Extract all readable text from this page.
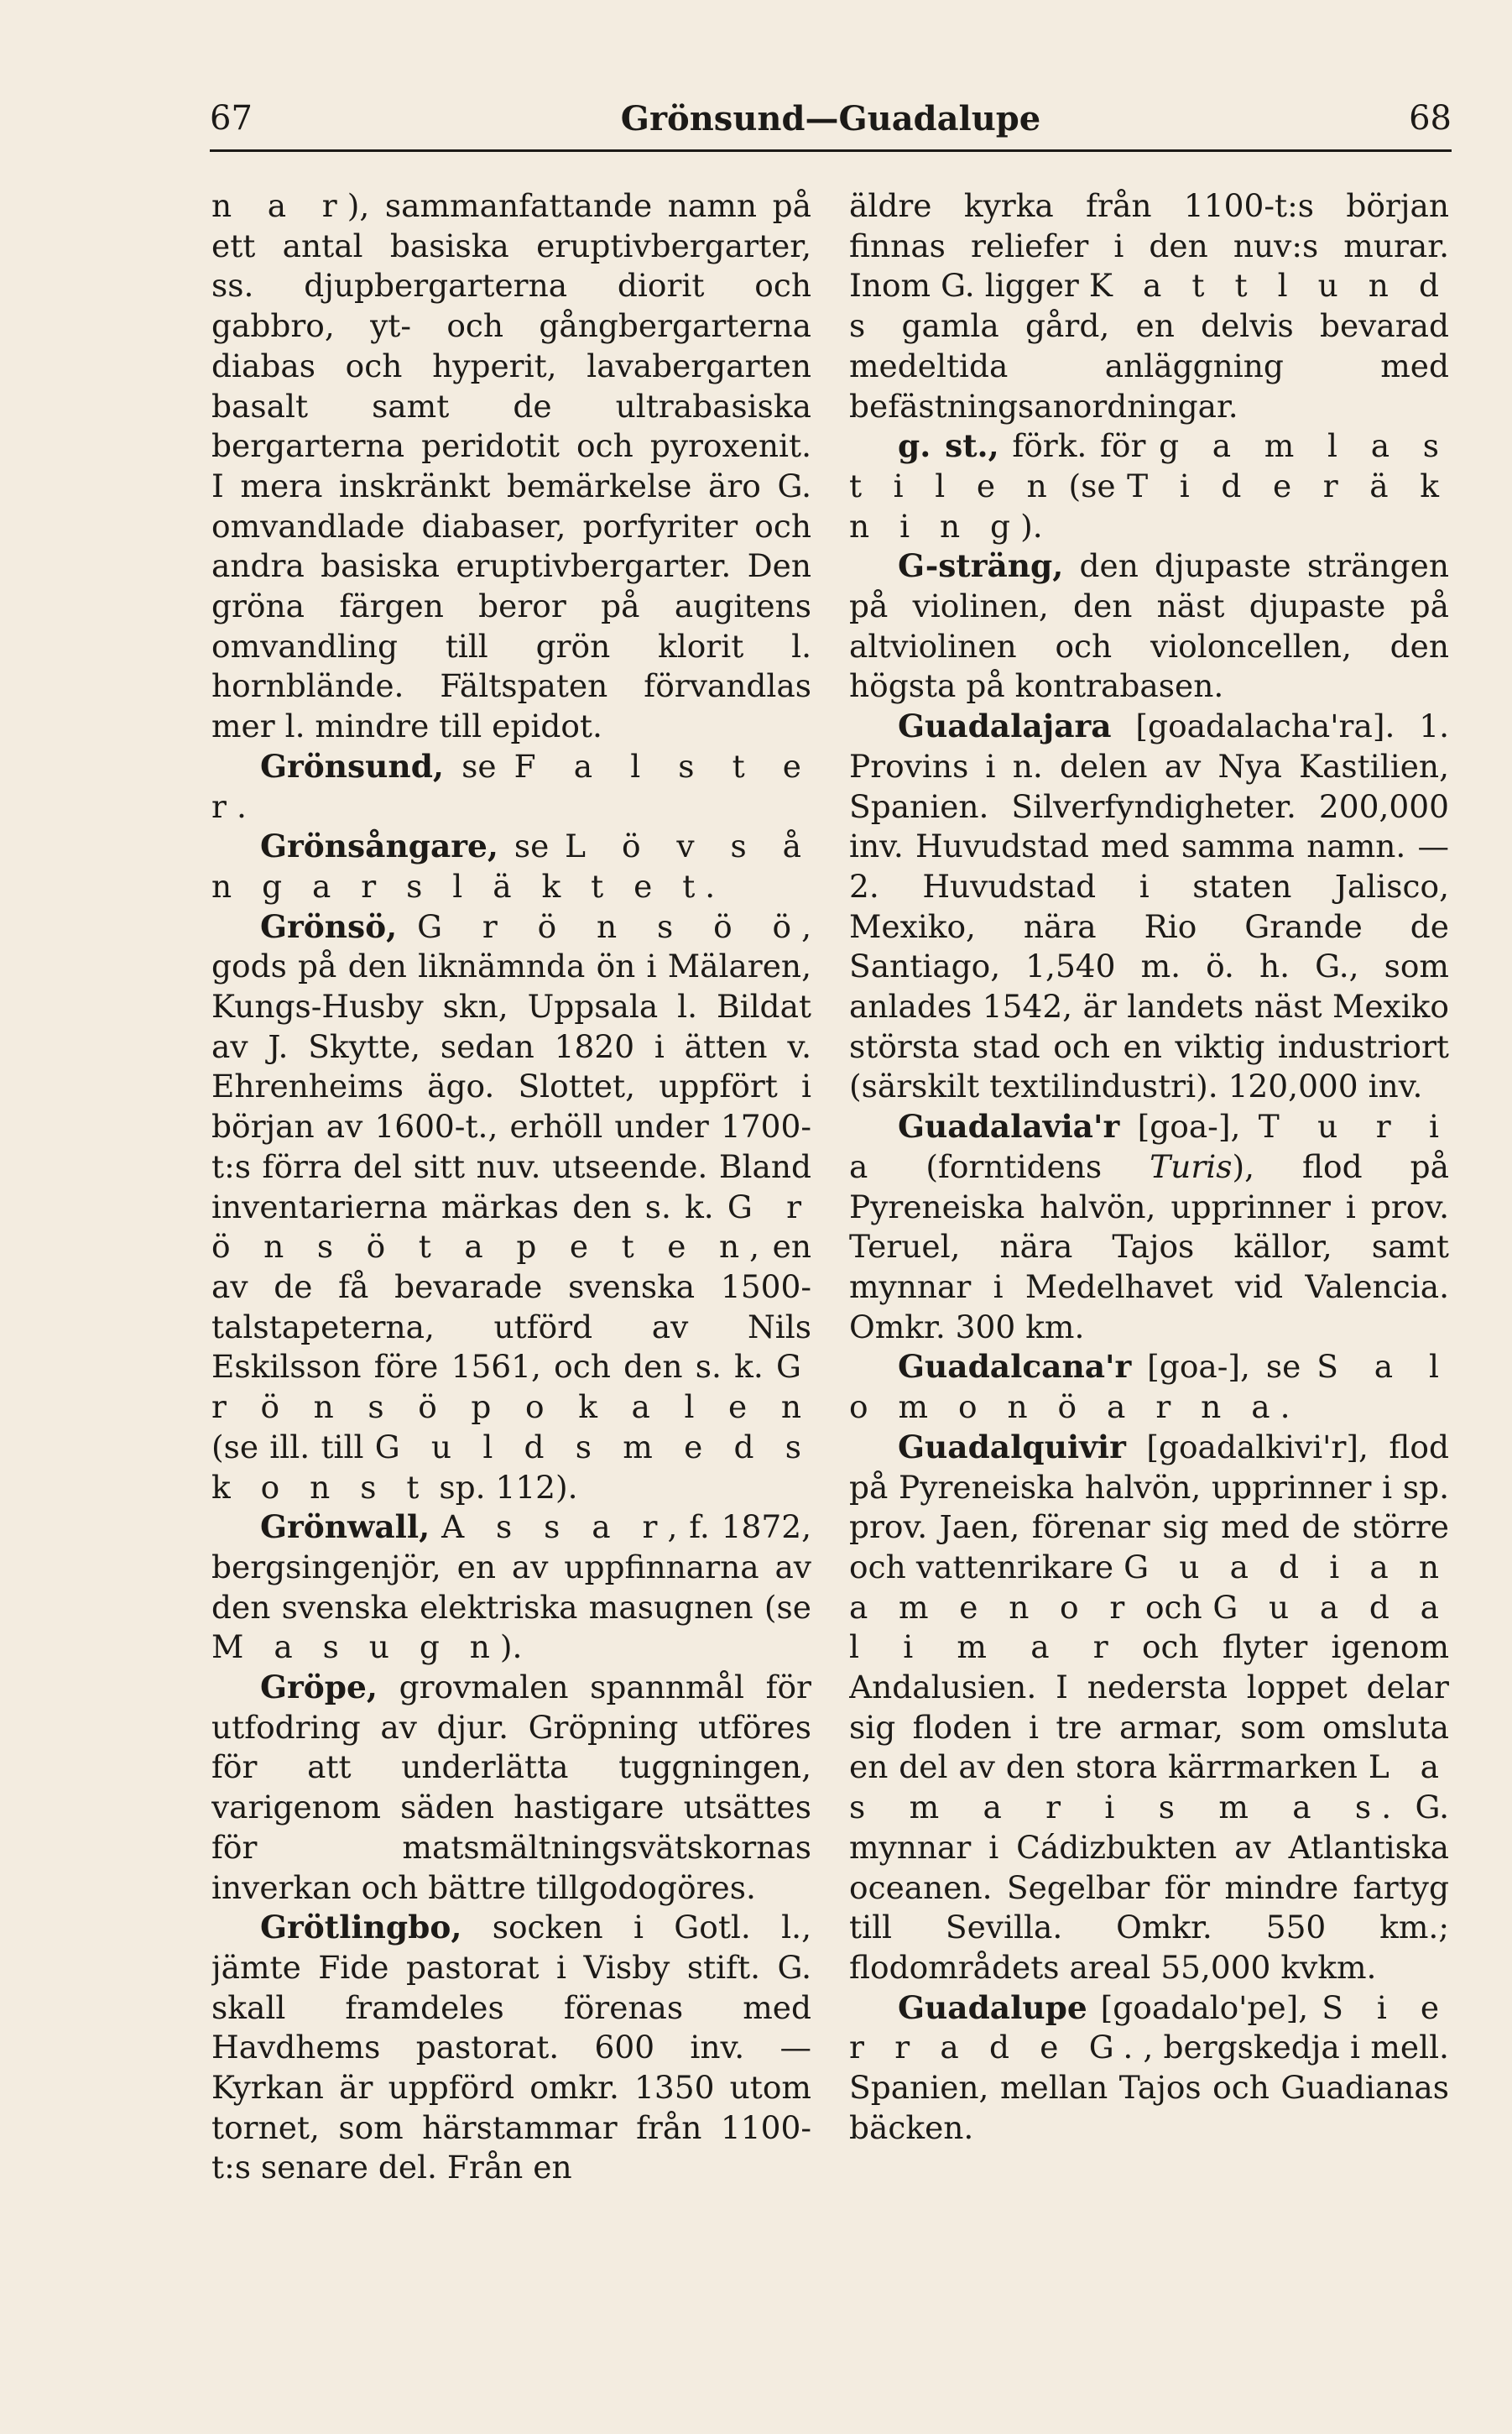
67	Grönsund—Guadalupe	68

n a r), sammanfattande namn på ett antal basiska eruptivbergarter, ss. djupbergarterna diorit och gabbro, yt- och gångbergarterna diabas och hyperit, lavabergarten basalt samt de ultrabasiska bergarterna peridotit och pyroxenit. I mera inskränkt bemärkelse äro G. omvandlade diabaser, porfyriter och andra basiska eruptivbergarter. Den gröna färgen beror på augitens omvandling till grön klorit l. hornblände. Fältspaten förvandlas mer l. mindre till epidot.

Grönsund, se F a l s t e r.

Grönsångare, se L ö v s å n g a r s l ä k t e t.

Grönsö, G r ö n s ö ö, gods på den liknämnda ön i Mälaren, Kungs-Husby skn, Uppsala l. Bildat av J. Skytte, sedan 1820 i ätten v. Ehrenheims ägo. Slottet, uppfört i början av 1600-t., erhöll under 1700-t:s förra del sitt nuv. utseende. Bland inventarierna märkas den s. k. G r ö n s ö t a p e t e n, en av de få bevarade svenska 1500-talstapeterna, utförd av Nils Eskilsson före 1561, och den s. k. G r ö n s ö p o k a l e n (se ill. till G u l d s m e d s k o n s t sp. 112).

Grönwall, A s s a r, f. 1872, bergsingenjör, en av uppfinnarna av den svenska elektriska masugnen (se M a s u g n).

Gröpe, grovmalen spannmål för utfodring av djur. Gröpning utföres för att underlätta tuggningen, varigenom säden hastigare utsättes för matsmältningsvätskornas inverkan och bättre tillgodogöres.

Grötlingbo, socken i Gotl. l., jämte Fide pastorat i Visby stift. G. skall framdeles förenas med Havdhems pastorat. 600 inv. — Kyrkan är uppförd omkr. 1350 utom tornet, som härstammar från 1100-t:s senare del. Från en

äldre kyrka från 1100-t:s början finnas reliefer i den nuv:s murar. Inom G. ligger K a t t l u n d s gamla gård, en delvis bevarad medeltida anläggning med befästningsanordningar.

g. st., förk. för g a m l a s t i l e n (se T i d e r ä k n i n g).

G-sträng, den djupaste strängen på violinen, den näst djupaste på altviolinen och violoncellen, den högsta på kontrabasen.

Guadalajara [goadalacha'ra]. 1. Provins i n. delen av Nya Kastilien, Spanien. Silverfyndigheter. 200,000 inv. Huvudstad med samma namn. — 2. Huvudstad i staten Jalisco, Mexiko, nära Rio Grande de Santiago, 1,540 m. ö. h. G., som anlades 1542, är landets näst Mexiko största stad och en viktig industriort (särskilt textilindustri). 120,000 inv.

Guadalavia'r [goa-], T u r i a (forntidens Turis), flod på Pyreneiska halvön, upprinner i prov. Teruel, nära Tajos källor, samt mynnar i Medelhavet vid Valencia. Omkr. 300 km.

Guadalcana'r [goa-], se S a l o m o n ö a r n a.

Guadalquivir [goadalkivi'r], flod på Pyreneiska halvön, upprinner i sp. prov. Jaen, förenar sig med de större och vattenrikare G u a d i a n a m e n o r och G u a d a l i m a r och flyter igenom Andalusien. I nedersta loppet delar sig floden i tre armar, som omsluta en del av den stora kärrmarken L a s m a r i s m a s. G. mynnar i Cádizbukten av Atlantiska oceanen. Segelbar för mindre fartyg till Sevilla. Omkr. 550 km.; flodområdets areal 55,000 kvkm.

Guadalupe [goadalo'pe], S i e r r a d e G., bergskedja i mell. Spanien, mellan Tajos och Guadianas bäcken.
